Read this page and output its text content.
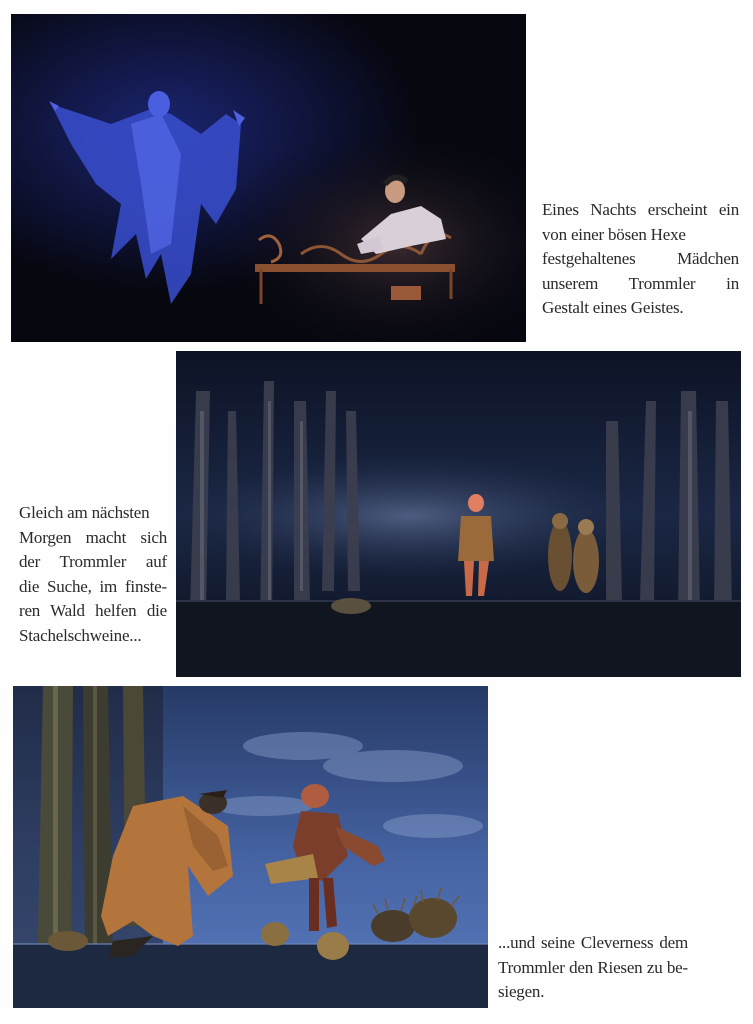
Eines Nachts erscheint ein
von einer bösen Hexe
festgehaltenes Mädchen
unserem Trommler in
Gestalt eines Geistes.

Gleich am nächsten
Morgen macht sich
der Trommler auf
die Suche, im finste-
ren Wald helfen die
Stachelschweine...

...und seine Cleverness dem
Trommler den Riesen zu be-
siegen.
